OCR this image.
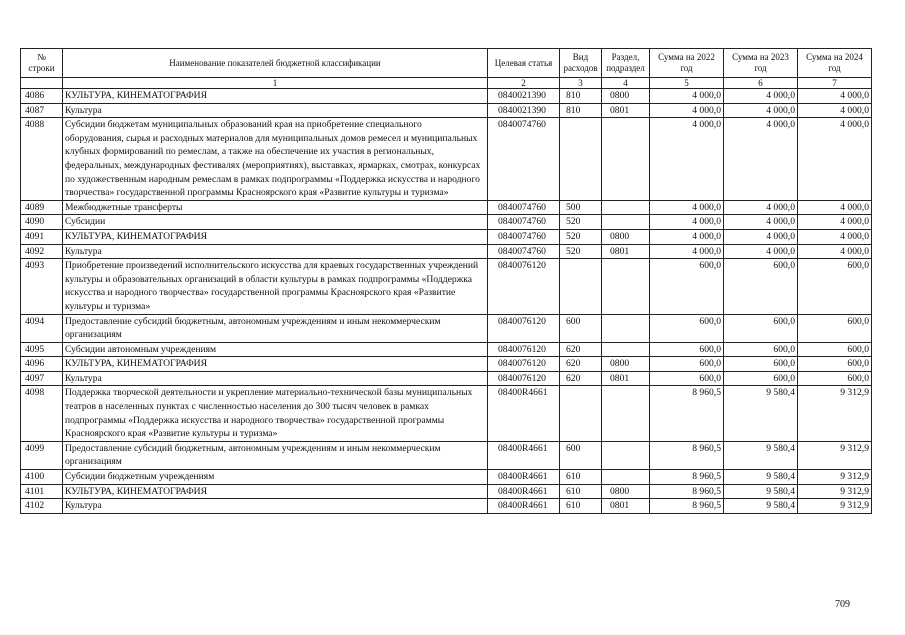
№ строки	Наименование показателей бюджетной классификации	Целевая статья	Вид расходов	Раздел, подраздел	Сумма на 2022 год	Сумма на 2023 год	Сумма на 2024 год
	1	2	3	4	5	6	7
4086	КУЛЬТУРА, КИНЕМАТОГРАФИЯ	0840021390	810	0800	4 000,0	4 000,0	4 000,0
4087	Культура	0840021390	810	0801	4 000,0	4 000,0	4 000,0
4088	Субсидии бюджетам муниципальных образований края на приобретение специального оборудования, сырья и расходных материалов для муниципальных домов ремесел и муниципальных клубных формирований по ремеслам, а также на обеспечение их участия в региональных, федеральных, международных фестивалях (мероприятиях), выставках, ярмарках, смотрах, конкурсах по художественным народным ремеслам в рамках подпрограммы «Поддержка искусства и народного творчества» государственной программы Красноярского края «Развитие культуры и туризма»	0840074760			4 000,0	4 000,0	4 000,0
4089	Межбюджетные трансферты	0840074760	500		4 000,0	4 000,0	4 000,0
4090	Субсидии	0840074760	520		4 000,0	4 000,0	4 000,0
4091	КУЛЬТУРА, КИНЕМАТОГРАФИЯ	0840074760	520	0800	4 000,0	4 000,0	4 000,0
4092	Культура	0840074760	520	0801	4 000,0	4 000,0	4 000,0
4093	Приобретение произведений исполнительского искусства для краевых государственных учреждений культуры и образовательных организаций в области культуры в рамках подпрограммы «Поддержка искусства и народного творчества» государственной программы Красноярского края «Развитие культуры и туризма»	0840076120			600,0	600,0	600,0
4094	Предоставление субсидий бюджетным, автономным учреждениям и иным некоммерческим организациям	0840076120	600		600,0	600,0	600,0
4095	Субсидии автономным учреждениям	0840076120	620		600,0	600,0	600,0
4096	КУЛЬТУРА, КИНЕМАТОГРАФИЯ	0840076120	620	0800	600,0	600,0	600,0
4097	Культура	0840076120	620	0801	600,0	600,0	600,0
4098	Поддержка творческой деятельности и укрепление материально-технической базы муниципальных театров в населенных пунктах с численностью населения до 300 тысяч человек в рамках подпрограммы «Поддержка искусства и народного творчества» государственной программы Красноярского края «Развитие культуры и туризма»	08400R4661			8 960,5	9 580,4	9 312,9
4099	Предоставление субсидий бюджетным, автономным учреждениям и иным некоммерческим организациям	08400R4661	600		8 960,5	9 580,4	9 312,9
4100	Субсидии бюджетным учреждениям	08400R4661	610		8 960,5	9 580,4	9 312,9
4101	КУЛЬТУРА, КИНЕМАТОГРАФИЯ	08400R4661	610	0800	8 960,5	9 580,4	9 312,9
4102	Культура	08400R4661	610	0801	8 960,5	9 580,4	9 312,9
709
